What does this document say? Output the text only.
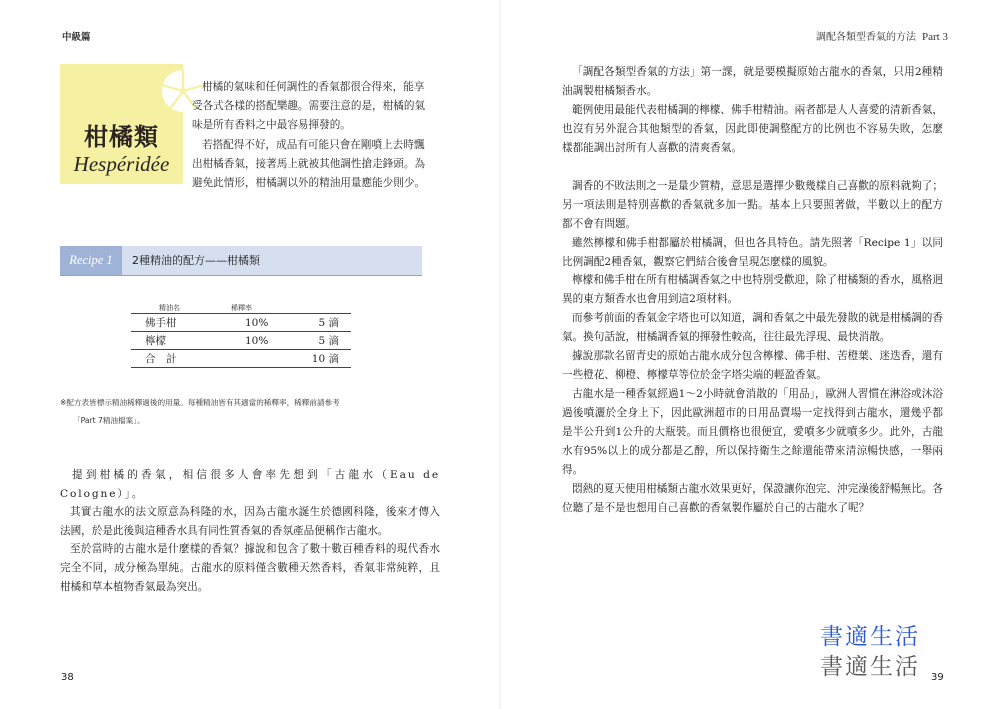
中級篇
柑橘類
Hespéridée

柑橘的氣味和任何調性的香氣都很合得來，能享受各式各樣的搭配樂趣。需要注意的是，柑橘的氣味是所有香料之中最容易揮發的。

若搭配得不好，成品有可能只會在剛噴上去時飄出柑橘香氣，接著馬上就被其他調性搶走鋒頭。為避免此情形，柑橘調以外的精油用量應能少則少。

Recipe 1	2種精油的配方——柑橘類
精油名	稀釋率
佛手柑	10%	5 滴
檸檬	10%	5 滴
合　計		10 滴
※配方表皆標示精油稀釋過後的用量。每種精油皆有其適當的稀釋率，稀釋前請參考
「Part 7精油檔案」。

提到柑橘的香氣，相信很多人會率先想到「古龍水（Eau de Cologne）」。

其實古龍水的法文原意為科隆的水，因為古龍水誕生於德國科隆，後來才傳入法國，於是此後與這種香水具有同性質香氣的香氛產品便稱作古龍水。

至於當時的古龍水是什麼樣的香氣？據說和包含了數十數百種香料的現代香水完全不同，成分極為單純。古龍水的原料僅含數種天然香料，香氣非常純粹，且柑橘和草本植物香氣最為突出。

38
調配各類型香氣的方法 Part 3

「調配各類型香氣的方法」第一課，就是要模擬原始古龍水的香氣，只用2種精油調製柑橘類香水。

範例使用最能代表柑橘調的檸檬、佛手柑精油。兩者都是人人喜愛的清新香氣，也沒有另外混合其他類型的香氣，因此即使調整配方的比例也不容易失敗，怎麼樣都能調出討所有人喜歡的清爽香氣。

調香的不敗法則之一是量少質精，意思是選擇少數幾樣自己喜歡的原料就夠了；另一項法則是特別喜歡的香氣就多加一點。基本上只要照著做，半數以上的配方都不會有問題。

雖然檸檬和佛手柑都屬於柑橘調，但也各具特色。請先照著「Recipe 1」以同比例調配2種香氣，觀察它們結合後會呈現怎麼樣的風貌。

檸檬和佛手柑在所有柑橘調香氣之中也特別受歡迎，除了柑橘類的香水，風格迥異的東方類香水也會用到這2項材料。

而參考前面的香氣金字塔也可以知道，調和香氣之中最先發散的就是柑橘調的香氣。換句話說，柑橘調香氣的揮發性較高，往往最先浮現、最快消散。

據說那款名留青史的原始古龍水成分包含檸檬、佛手柑、苦橙葉、迷迭香，還有一些橙花、柳橙、檸檬草等位於金字塔尖端的輕盈香氣。

古龍水是一種香氣經過1～2小時就會消散的「用品」，歐洲人習慣在淋浴或沐浴過後噴灑於全身上下，因此歐洲超市的日用品賣場一定找得到古龍水，還幾乎都是半公升到1公升的大瓶裝。而且價格也很便宜，愛噴多少就噴多少。此外，古龍水有95%以上的成分都是乙醇，所以保持衛生之餘還能帶來清涼暢快感，一舉兩得。

悶熱的夏天使用柑橘類古龍水效果更好，保證讓你泡完、沖完澡後舒暢無比。各位聽了是不是也想用自己喜歡的香氣製作屬於自己的古龍水了呢？

書適生活
書適生活 39
